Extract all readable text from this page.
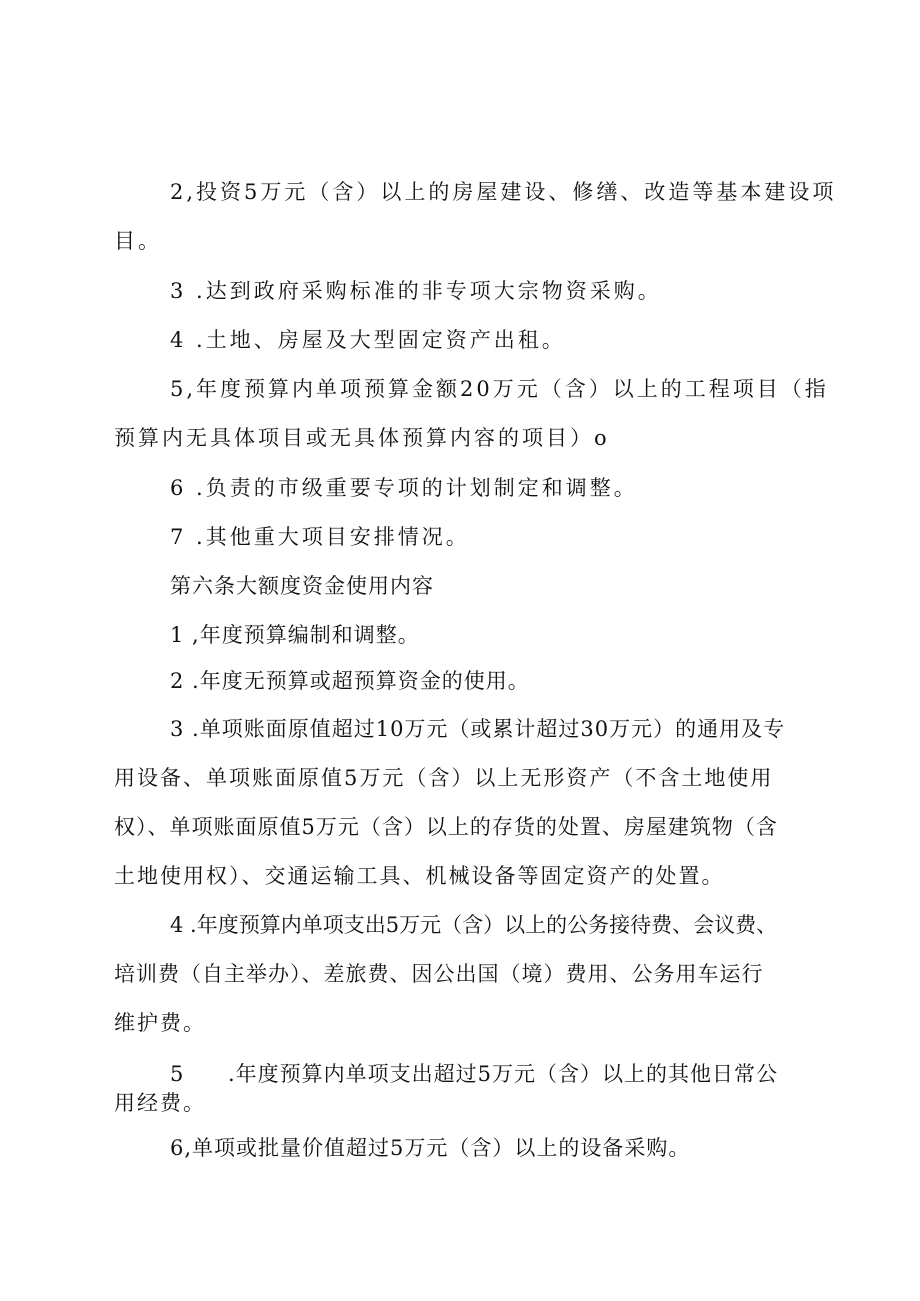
2,投资5万元（含）以上的房屋建设、修缮、改造等基本建设项
目。
3 .达到政府采购标准的非专项大宗物资采购。
4 .土地、房屋及大型固定资产出租。
5,年度预算内单项预算金额20万元（含）以上的工程项目（指
预算内无具体项目或无具体预算内容的项目）o
6 .负责的市级重要专项的计划制定和调整。
7 .其他重大项目安排情况。
第六条大额度资金使用内容
1 ,年度预算编制和调整。
2 .年度无预算或超预算资金的使用。
3 .单项账面原值超过10万元（或累计超过30万元）的通用及专
用设备、单项账面原值5万元（含）以上无形资产（不含土地使用
权）、单项账面原值5万元（含）以上的存货的处置、房屋建筑物（含
土地使用权）、交通运输工具、机械设备等固定资产的处置。
4 .年度预算内单项支出5万元（含）以上的公务接待费、会议费、
培训费（自主举办）、差旅费、因公出国（境）费用、公务用车运行
维护费。
5 .年度预算内单项支出超过5万元（含）以上的其他日常公
用经费。
6,单项或批量价值超过5万元（含）以上的设备采购。
